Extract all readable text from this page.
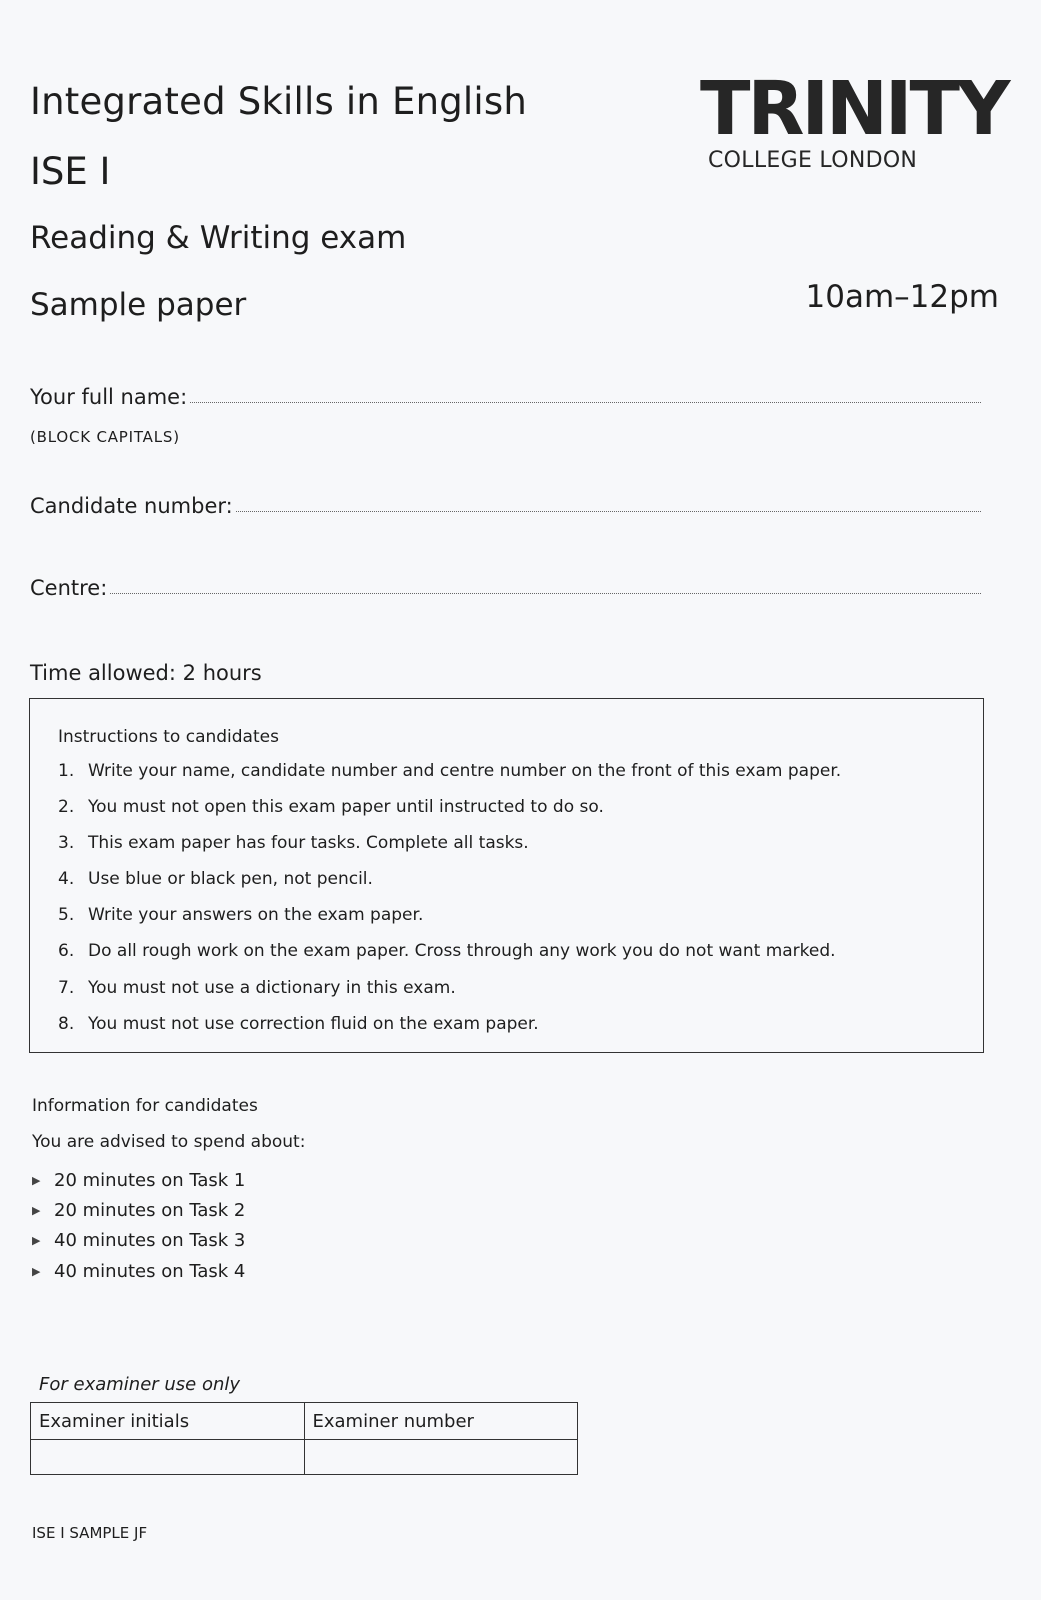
Integrated Skills in English
ISE I
Reading & Writing exam
Sample paper
TRINITY
COLLEGE LONDON
10am–12pm
Your full name:
(BLOCK CAPITALS)
Candidate number:
Centre:
Time allowed: 2 hours
Instructions to candidates
1. Write your name, candidate number and centre number on the front of this exam paper.
2. You must not open this exam paper until instructed to do so.
3. This exam paper has four tasks. Complete all tasks.
4. Use blue or black pen, not pencil.
5. Write your answers on the exam paper.
6. Do all rough work on the exam paper. Cross through any work you do not want marked.
7. You must not use a dictionary in this exam.
8. You must not use correction fluid on the exam paper.
Information for candidates
You are advised to spend about:
▶ 20 minutes on Task 1
▶ 20 minutes on Task 2
▶ 40 minutes on Task 3
▶ 40 minutes on Task 4
For examiner use only
Examiner initials	Examiner number

ISE I SAMPLE JF
